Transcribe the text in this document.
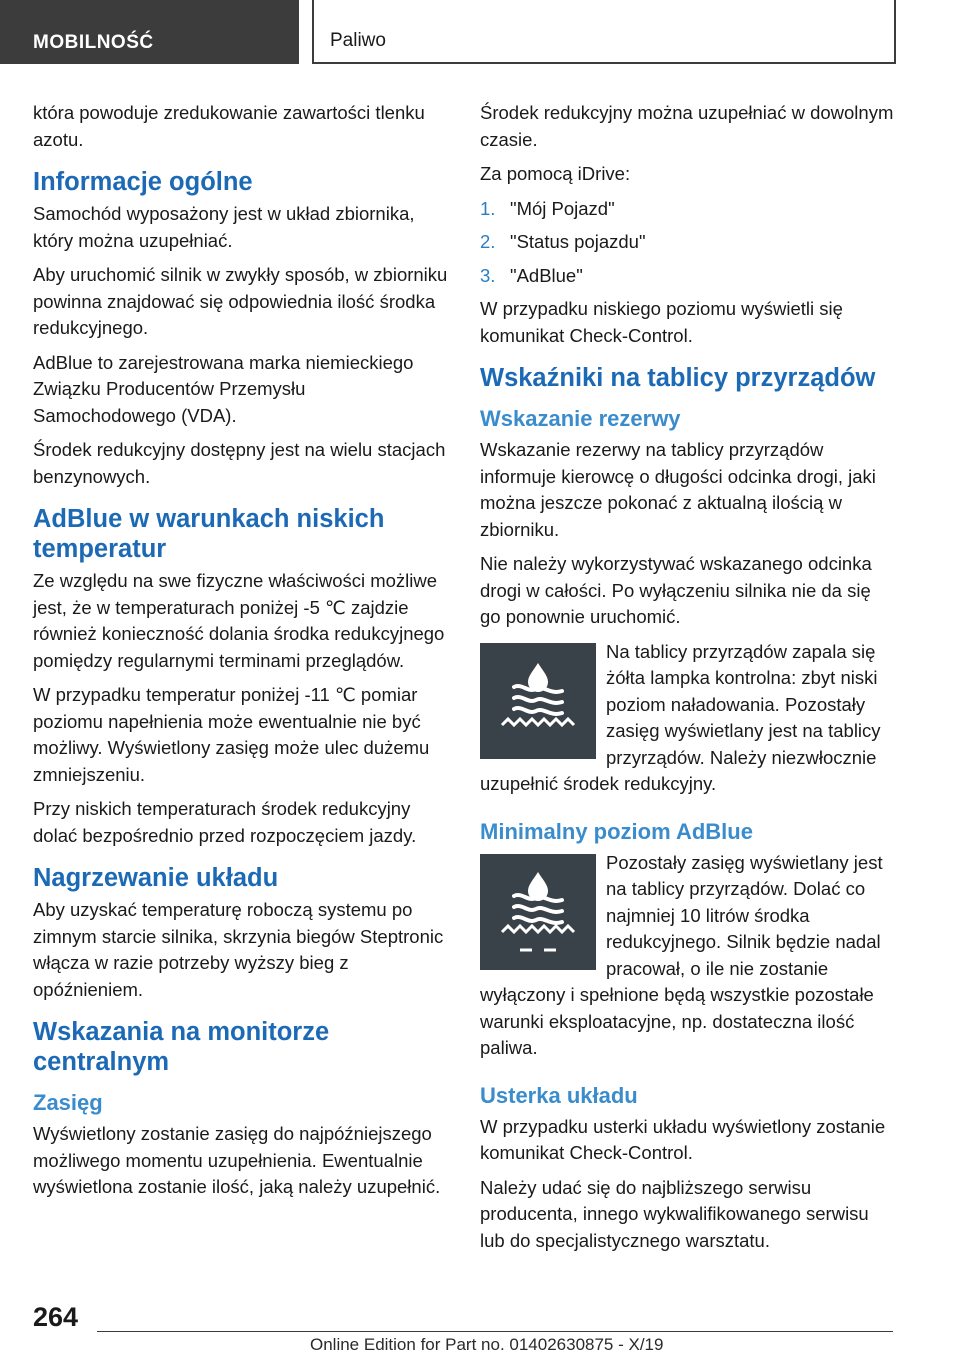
MOBILNOŚĆ	Paliwo

która powoduje zredukowanie zawartości tlenku azotu.

Informacje ogólne

Samochód wyposażony jest w układ zbiornika, który można uzupełniać.

Aby uruchomić silnik w zwykły sposób, w zbiorniku powinna znajdować się odpowiednia ilość środka redukcyjnego.

AdBlue to zarejestrowana marka niemieckiego Związku Producentów Przemysłu Samochodowego (VDA).

Środek redukcyjny dostępny jest na wielu stacjach benzynowych.

AdBlue w warunkach niskich temperatur

Ze względu na swe fizyczne właściwości możliwe jest, że w temperaturach poniżej -5 ℃ zajdzie również konieczność dolania środka redukcyjnego pomiędzy regularnymi terminami przeglądów.

W przypadku temperatur poniżej -11 ℃ pomiar poziomu napełnienia może ewentualnie nie być możliwy. Wyświetlony zasięg może ulec dużemu zmniejszeniu.

Przy niskich temperaturach środek redukcyjny dolać bezpośrednio przed rozpoczęciem jazdy.

Nagrzewanie układu

Aby uzyskać temperaturę roboczą systemu po zimnym starcie silnika, skrzynia biegów Steptronic włącza w razie potrzeby wyższy bieg z opóźnieniem.

Wskazania na monitorze centralnym
Zasięg

Wyświetlony zostanie zasięg do najpóźniejszego możliwego momentu uzupełnienia. Ewentualnie wyświetlona zostanie ilość, jaką należy uzupełnić.

Środek redukcyjny można uzupełniać w dowolnym czasie.

Za pomocą iDrive:

1. "Mój Pojazd"
2. "Status pojazdu"
3. "AdBlue"

W przypadku niskiego poziomu wyświetli się komunikat Check-Control.

Wskaźniki na tablicy przyrządów
Wskazanie rezerwy

Wskazanie rezerwy na tablicy przyrządów informuje kierowcę o długości odcinka drogi, jaki można jeszcze pokonać z aktualną ilością w zbiorniku.

Nie należy wykorzystywać wskazanego odcinka drogi w całości. Po wyłączeniu silnika nie da się go ponownie uruchomić.

Na tablicy przyrządów zapala się żółta lampka kontrolna: zbyt niski poziom naładowania. Pozostały zasięg wyświetlany jest na tablicy przyrządów. Należy niezwłocznie uzupełnić środek redukcyjny.

Minimalny poziom AdBlue

Pozostały zasięg wyświetlany jest na tablicy przyrządów. Dolać co najmniej 10 litrów środka redukcyjnego. Silnik będzie nadal pracował, o ile nie zostanie wyłączony i spełnione będą wszystkie pozostałe warunki eksploatacyjne, np. dostateczna ilość paliwa.

Usterka układu

W przypadku usterki układu wyświetlony zostanie komunikat Check-Control.

Należy udać się do najbliższego serwisu producenta, innego wykwalifikowanego serwisu lub do specjalistycznego warsztatu.

264
Online Edition for Part no. 01402630875 - X/19
